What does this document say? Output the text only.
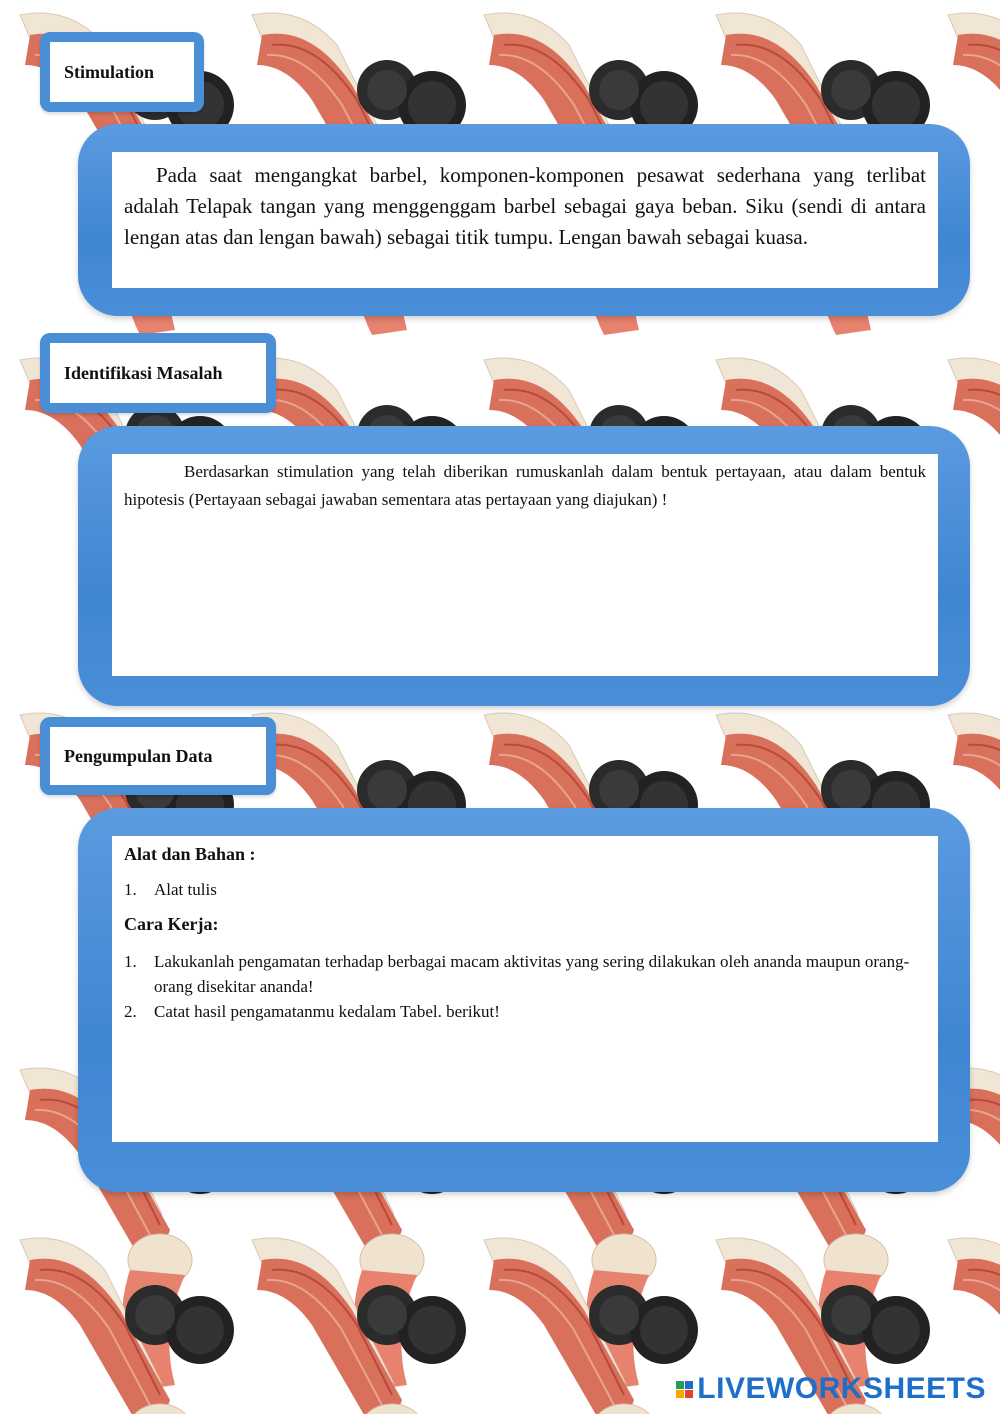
Stimulation

Pada saat mengangkat barbel, komponen-komponen pesawat sederhana yang terlibat adalah Telapak tangan yang menggenggam barbel sebagai gaya beban. Siku (sendi di antara lengan atas dan lengan bawah) sebagai titik tumpu. Lengan bawah sebagai kuasa.

Identifikasi Masalah

Berdasarkan stimulation yang telah diberikan rumuskanlah dalam bentuk pertayaan, atau dalam bentuk hipotesis (Pertayaan sebagai jawaban sementara atas pertayaan yang diajukan) !

Pengumpulan Data

Alat dan Bahan :

1.	Alat tulis

Cara Kerja:

1.	Lakukanlah pengamatan terhadap berbagai macam aktivitas yang sering dilakukan oleh ananda maupun orang-orang disekitar ananda!
2.	Catat hasil pengamatanmu kedalam Tabel. berikut!
LIVEWORKSHEETS
